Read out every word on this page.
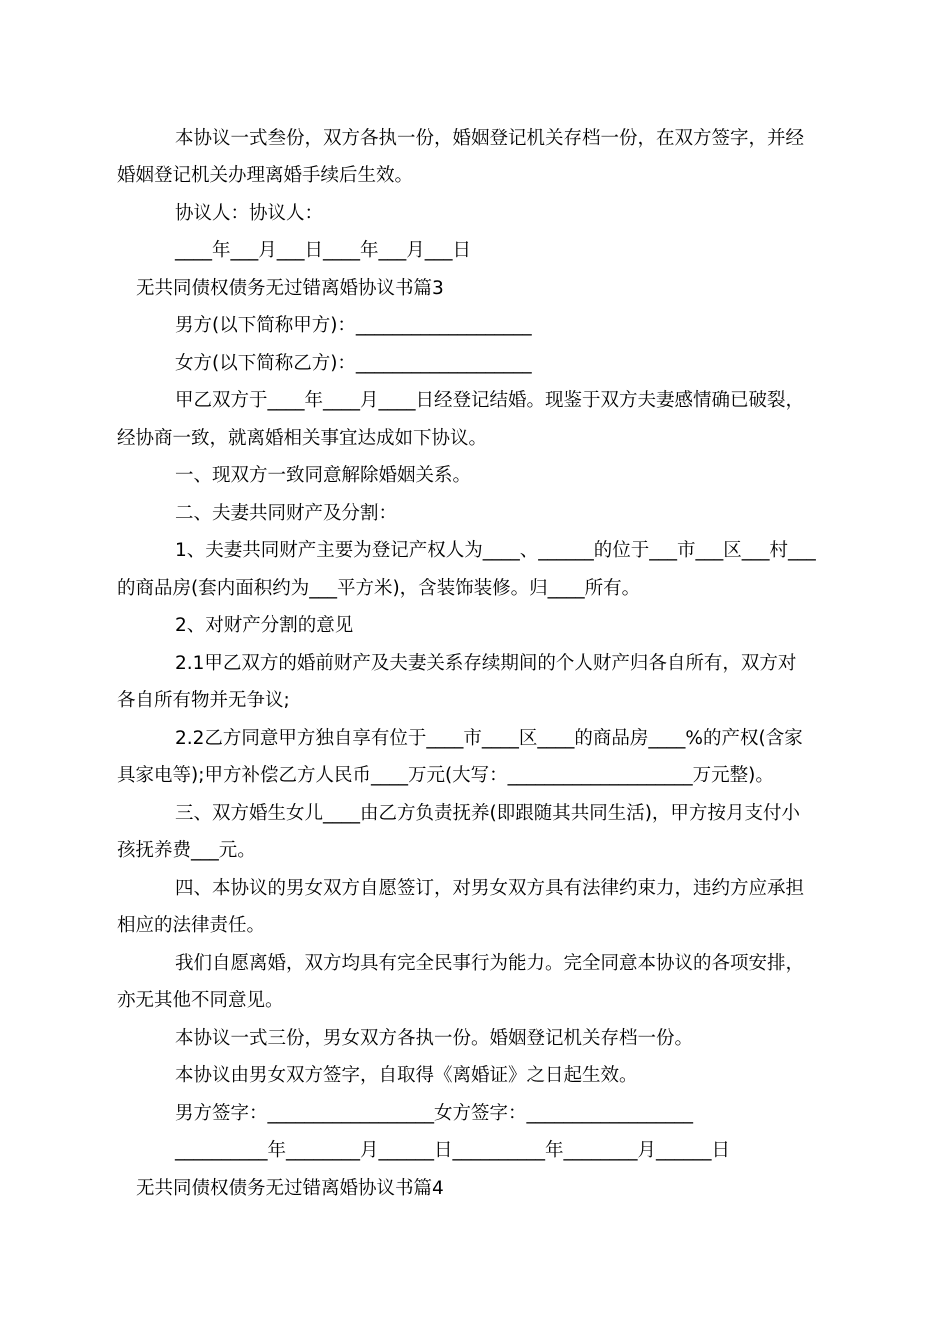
本协议一式叁份，双方各执一份，婚姻登记机关存档一份，在双方签字，并经

婚姻登记机关办理离婚手续后生效。

协议人：协议人：

____年___月___日____年___月___日

无共同债权债务无过错离婚协议书篇3

男方(以下简称甲方)：___________________

女方(以下简称乙方)：___________________

甲乙双方于____年____月____日经登记结婚。现鉴于双方夫妻感情确已破裂，

经协商一致，就离婚相关事宜达成如下协议。

一、现双方一致同意解除婚姻关系。

二、夫妻共同财产及分割：

1、夫妻共同财产主要为登记产权人为____、______的位于___市___区___村___

的商品房(套内面积约为___平方米)，含装饰装修。归____所有。

2、对财产分割的意见

2.1甲乙双方的婚前财产及夫妻关系存续期间的个人财产归各自所有，双方对

各自所有物并无争议;

2.2乙方同意甲方独自享有位于____市____区____的商品房____%的产权(含家

具家电等);甲方补偿乙方人民币____万元(大写：____________________万元整)。

三、双方婚生女儿____由乙方负责抚养(即跟随其共同生活)，甲方按月支付小

孩抚养费___元。

四、本协议的男女双方自愿签订，对男女双方具有法律约束力，违约方应承担

相应的法律责任。

我们自愿离婚，双方均具有完全民事行为能力。完全同意本协议的各项安排，

亦无其他不同意见。

本协议一式三份，男女双方各执一份。婚姻登记机关存档一份。

本协议由男女双方签字，自取得《离婚证》之日起生效。

男方签字：__________________女方签字：__________________

__________年________月______日__________年________月______日

无共同债权债务无过错离婚协议书篇4
